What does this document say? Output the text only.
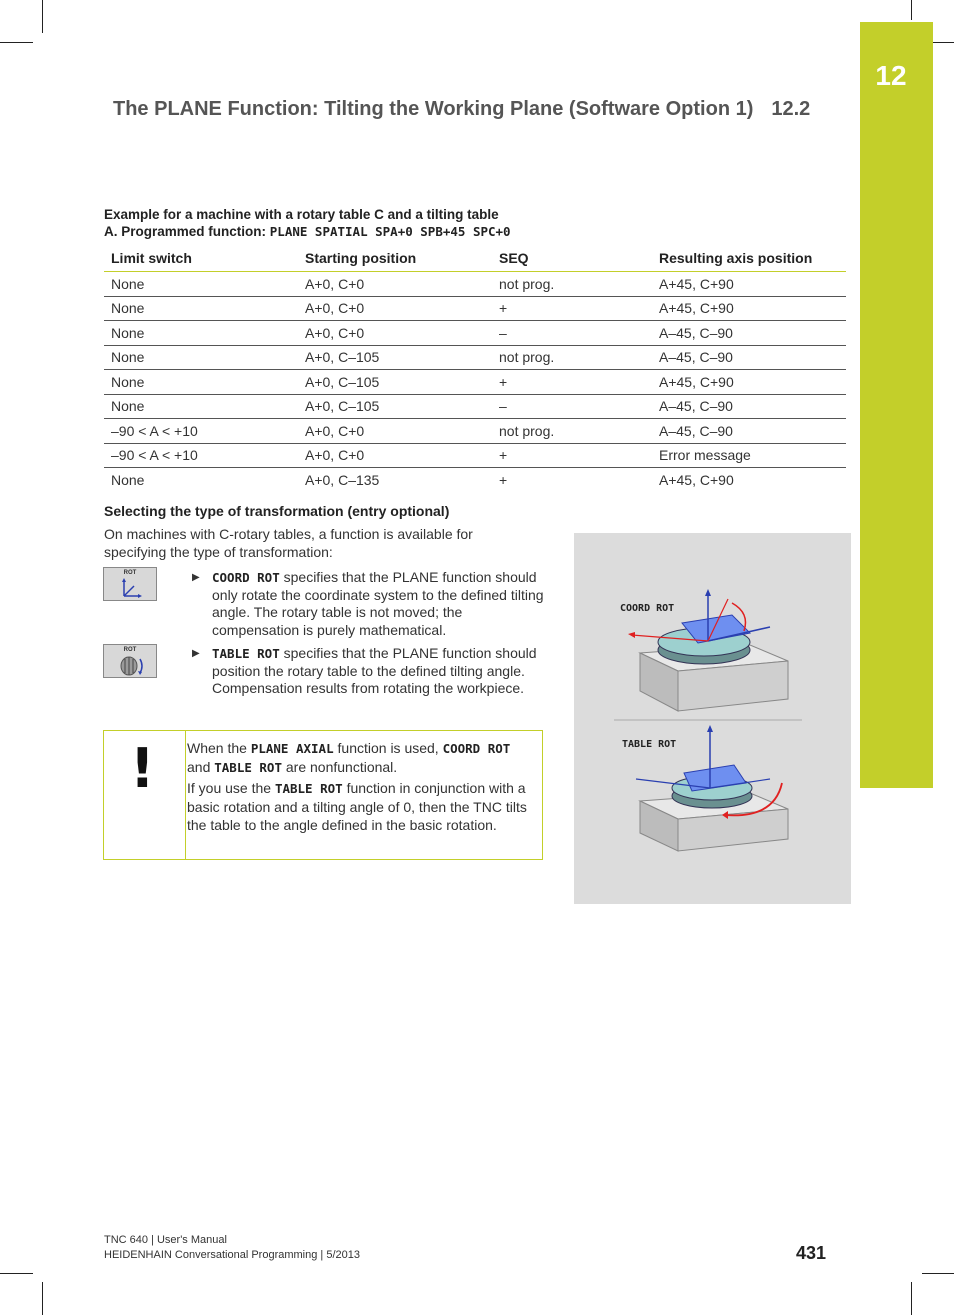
12
The PLANE Function: Tilting the Working Plane (Software Option 1) 12.2
Example for a machine with a rotary table C and a tilting table
A. Programmed function: PLANE SPATIAL SPA+0 SPB+45 SPC+0
Limit switch	Starting position	SEQ	Resulting axis position
None	A+0, C+0	not prog.	A+45, C+90
None	A+0, C+0	+	A+45, C+90
None	A+0, C+0	–	A–45, C–90
None	A+0, C–105	not prog.	A–45, C–90
None	A+0, C–105	+	A+45, C+90
None	A+0, C–105	–	A–45, C–90
–90 < A < +10	A+0, C+0	not prog.	A–45, C–90
–90 < A < +10	A+0, C+0	+	Error message
None	A+0, C–135	+	A+45, C+90
Selecting the type of transformation (entry optional)
On machines with C-rotary tables, a function is available for specifying the type of transformation:
ROT
ROT
▶ COORD ROT specifies that the PLANE function should only rotate the coordinate system to the defined tilting angle. The rotary table is not moved; the compensation is purely mathematical.
▶ TABLE ROT specifies that the PLANE function should position the rotary table to the defined tilting angle. Compensation results from rotating the workpiece.
! When the PLANE AXIAL function is used, COORD ROT and TABLE ROT are nonfunctional.
If you use the TABLE ROT function in conjunction with a basic rotation and a tilting angle of 0, then the TNC tilts the table to the angle defined in the basic rotation.
COORD ROT
TABLE ROT
TNC 640 | User's Manual
HEIDENHAIN Conversational Programming | 5/2013	431
